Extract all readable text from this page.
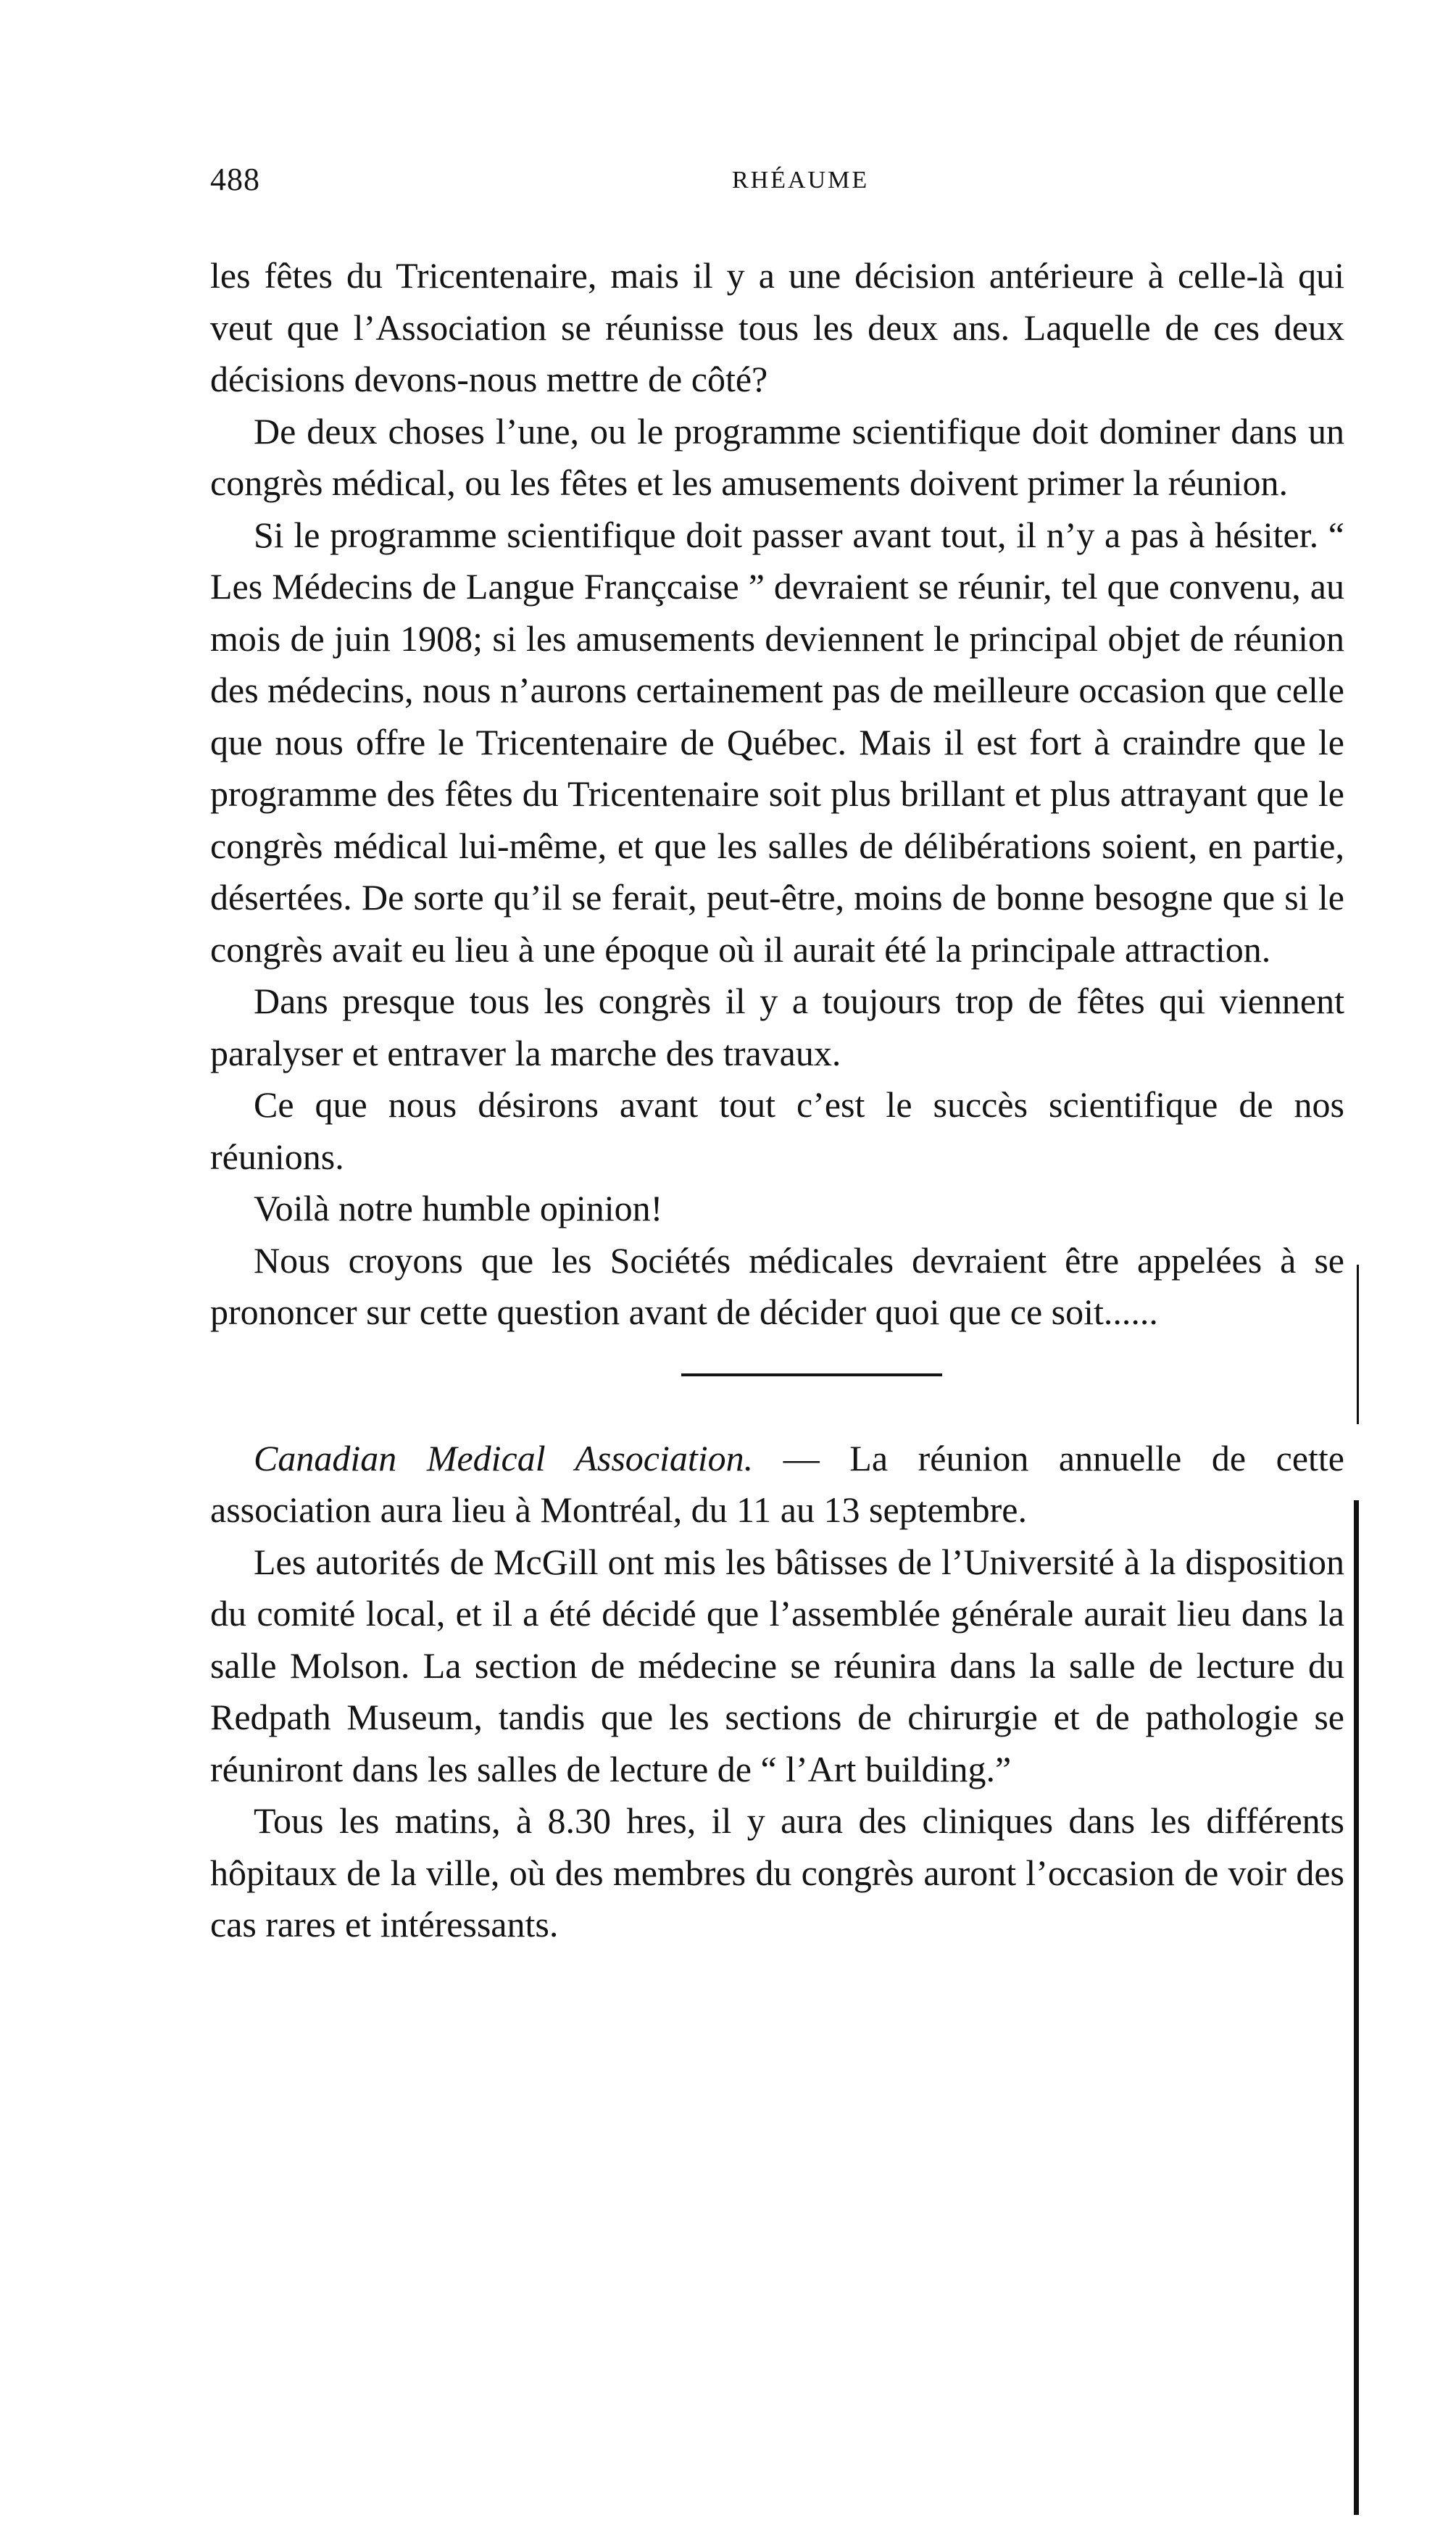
488	RHÉAUME

les fêtes du Tricentenaire, mais il y a une décision antérieure à celle-là qui veut que l’Association se réunisse tous les deux ans. Laquelle de ces deux décisions devons-nous mettre de côté?

De deux choses l’une, ou le programme scientifique doit dominer dans un congrès médical, ou les fêtes et les amusements doivent primer la réunion.

Si le programme scientifique doit passer avant tout, il n’y a pas à hésiter. “ Les Médecins de Langue Françcaise ” devraient se réunir, tel que convenu, au mois de juin 1908; si les amusements deviennent le principal objet de réunion des médecins, nous n’aurons certainement pas de meilleure occasion que celle que nous offre le Tricentenaire de Québec. Mais il est fort à craindre que le programme des fêtes du Tricentenaire soit plus brillant et plus attrayant que le congrès médical lui-même, et que les salles de délibérations soient, en partie, désertées. De sorte qu’il se ferait, peut-être, moins de bonne besogne que si le congrès avait eu lieu à une époque où il aurait été la principale attraction.

Dans presque tous les congrès il y a toujours trop de fêtes qui viennent paralyser et entraver la marche des travaux.

Ce que nous désirons avant tout c’est le succès scientifique de nos réunions.

Voilà notre humble opinion!

Nous croyons que les Sociétés médicales devraient être appelées à se prononcer sur cette question avant de décider quoi que ce soit......

Canadian Medical Association. — La réunion annuelle de cette association aura lieu à Montréal, du 11 au 13 septembre.

Les autorités de McGill ont mis les bâtisses de l’Université à la disposition du comité local, et il a été décidé que l’assemblée générale aurait lieu dans la salle Molson. La section de médecine se réunira dans la salle de lecture du Redpath Museum, tandis que les sections de chirurgie et de pathologie se réuniront dans les salles de lecture de “ l’Art building.”

Tous les matins, à 8.30 hres, il y aura des cliniques dans les différents hôpitaux de la ville, où des membres du congrès auront l’occasion de voir des cas rares et intéressants.
